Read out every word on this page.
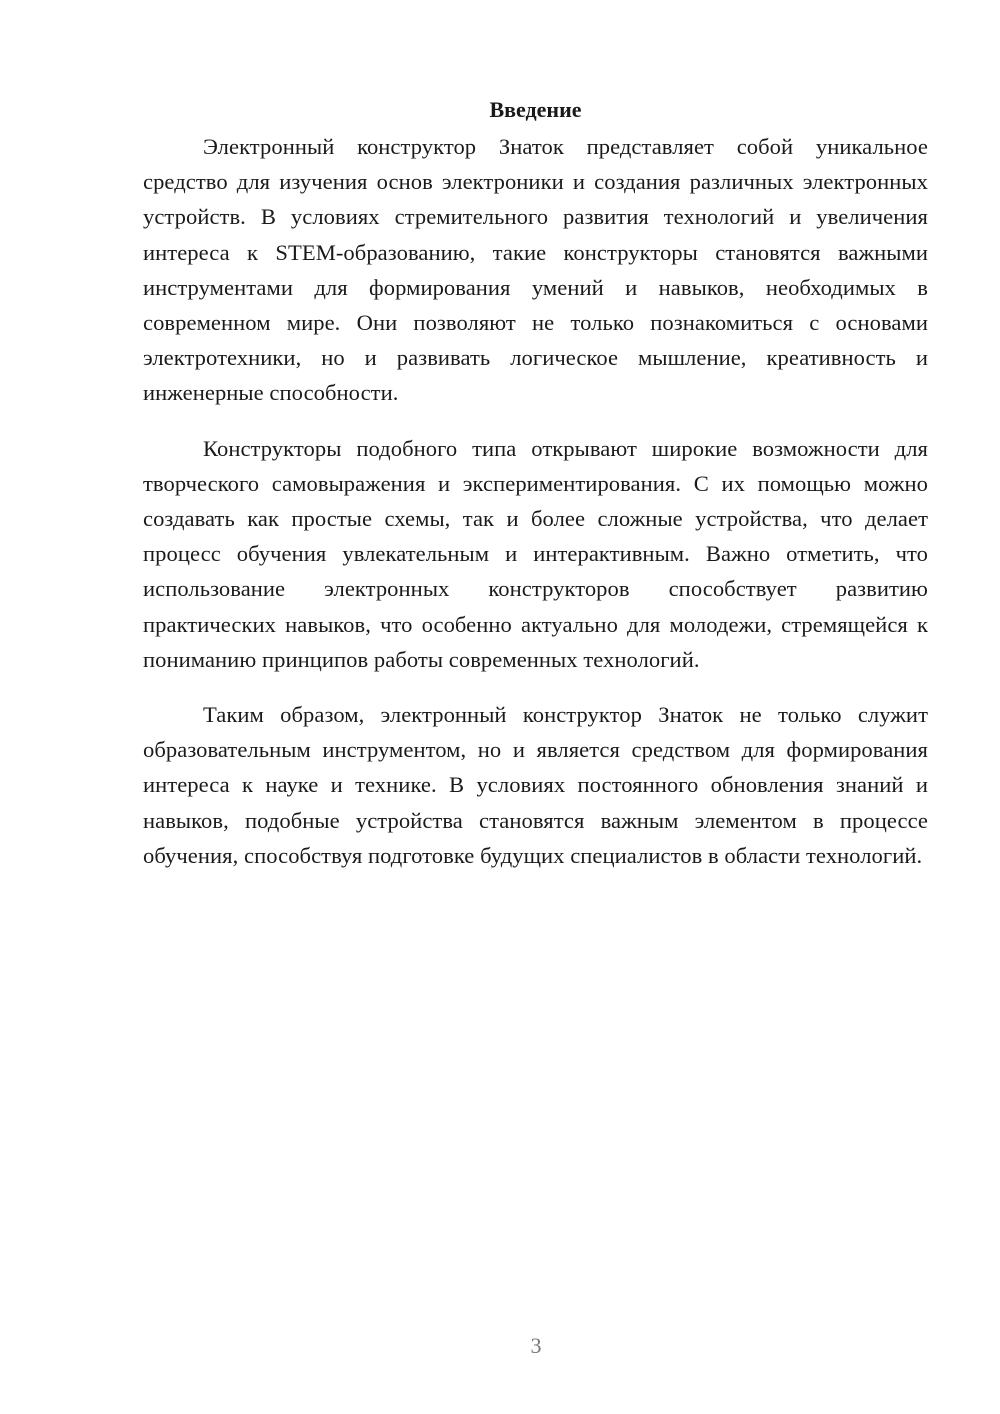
Введение

Электронный конструктор Знаток представляет собой уникальное средство для изучения основ электроники и создания различных электронных устройств. В условиях стремительного развития технологий и увеличения интереса к STEM-образованию, такие конструкторы становятся важными инструментами для формирования умений и навыков, необходимых в современном мире. Они позволяют не только познакомиться с основами электротехники, но и развивать логическое мышление, креативность и инженерные способности.

Конструкторы подобного типа открывают широкие возможности для творческого самовыражения и экспериментирования. С их помощью можно создавать как простые схемы, так и более сложные устройства, что делает процесс обучения увлекательным и интерактивным. Важно отметить, что использование электронных конструкторов способствует развитию практических навыков, что особенно актуально для молодежи, стремящейся к пониманию принципов работы современных технологий.

Таким образом, электронный конструктор Знаток не только служит образовательным инструментом, но и является средством для формирования интереса к науке и технике. В условиях постоянного обновления знаний и навыков, подобные устройства становятся важным элементом в процессе обучения, способствуя подготовке будущих специалистов в области технологий.

3
